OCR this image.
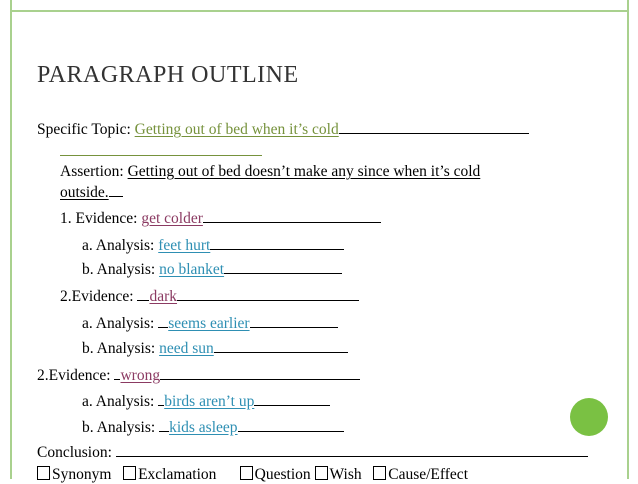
PARAGRAPH OUTLINE
Specific Topic: Getting out of bed when it’s cold
Assertion: Getting out of bed doesn’t make any since when it’s cold
outside.
1. Evidence: get colder
a. Analysis: feet hurt
b. Analysis: no blanket
2.Evidence: dark
a. Analysis: seems earlier
b. Analysis: need sun
2.Evidence: wrong
a. Analysis: birds aren’t up
b. Analysis: kids asleep
Conclusion:
Synonym Exclamation Question Wish Cause/Effect
